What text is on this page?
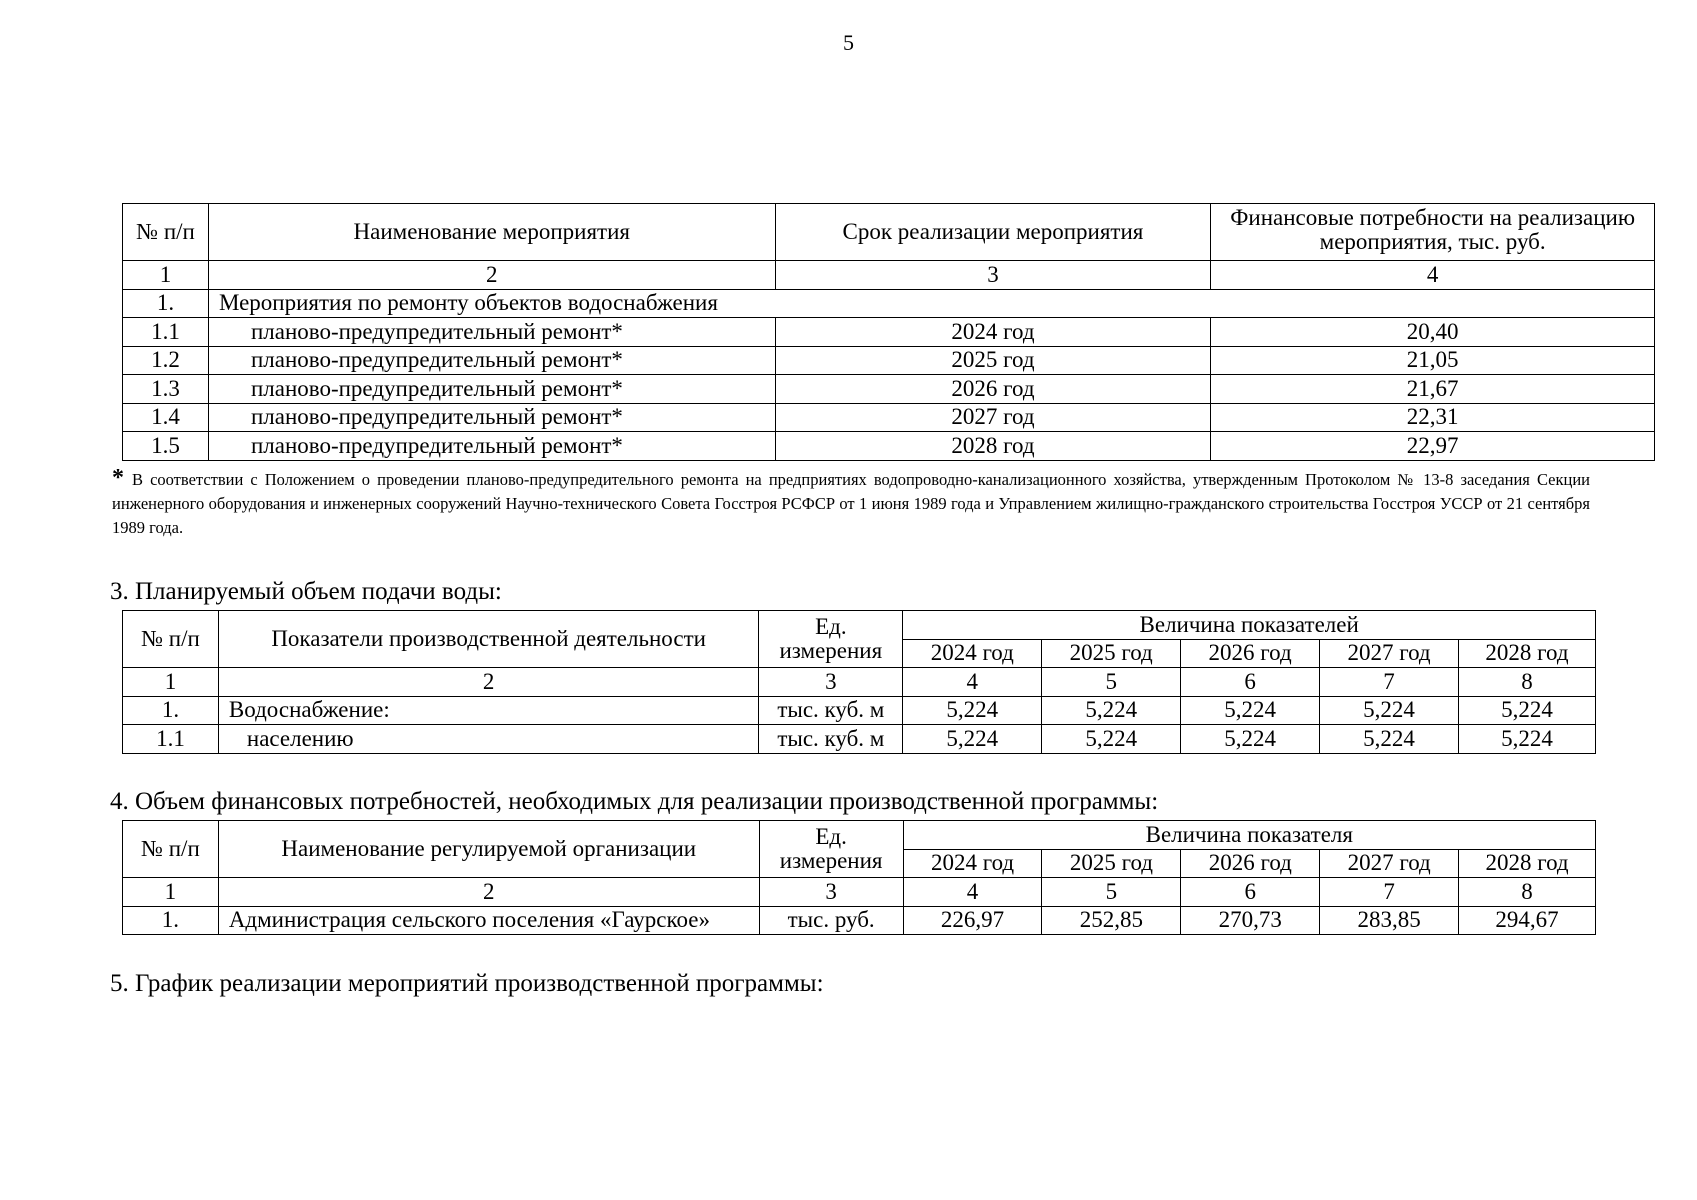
5
№ п/п	Наименование мероприятия	Срок реализации мероприятия	Финансовые потребности на реализацию мероприятия, тыс. руб.
1	2	3	4
1.	Мероприятия по ремонту объектов водоснабжения		
1.1	планово-предупредительный ремонт*	2024 год	20,40
1.2	планово-предупредительный ремонт*	2025 год	21,05
1.3	планово-предупредительный ремонт*	2026 год	21,67
1.4	планово-предупредительный ремонт*	2027 год	22,31
1.5	планово-предупредительный ремонт*	2028 год	22,97
* В соответствии с Положением о проведении планово-предупредительного ремонта на предприятиях водопроводно-канализационного хозяйства, утвержденным Протоколом № 13-8 заседания Секции инженерного оборудования и инженерных сооружений Научно-технического Совета Госстроя РСФСР от 1 июня 1989 года и Управлением жилищно-гражданского строительства Госстроя УССР от 21 сентября 1989 года.
3. Планируемый объем подачи воды:
№ п/п	Показатели производственной деятельности	Ед. измерения	Величина показателей				
			2024 год	2025 год	2026 год	2027 год	2028 год
1	2	3	4	5	6	7	8
1.	Водоснабжение:	тыс. куб. м	5,224	5,224	5,224	5,224	5,224
1.1	населению	тыс. куб. м	5,224	5,224	5,224	5,224	5,224
4. Объем финансовых потребностей, необходимых для реализации производственной программы:
№ п/п	Наименование регулируемой организации	Ед. измерения	Величина показателя				
			2024 год	2025 год	2026 год	2027 год	2028 год
1	2	3	4	5	6	7	8
1.	Администрация сельского поселения «Гаурское»	тыс. руб.	226,97	252,85	270,73	283,85	294,67
5. График реализации мероприятий производственной программы:
